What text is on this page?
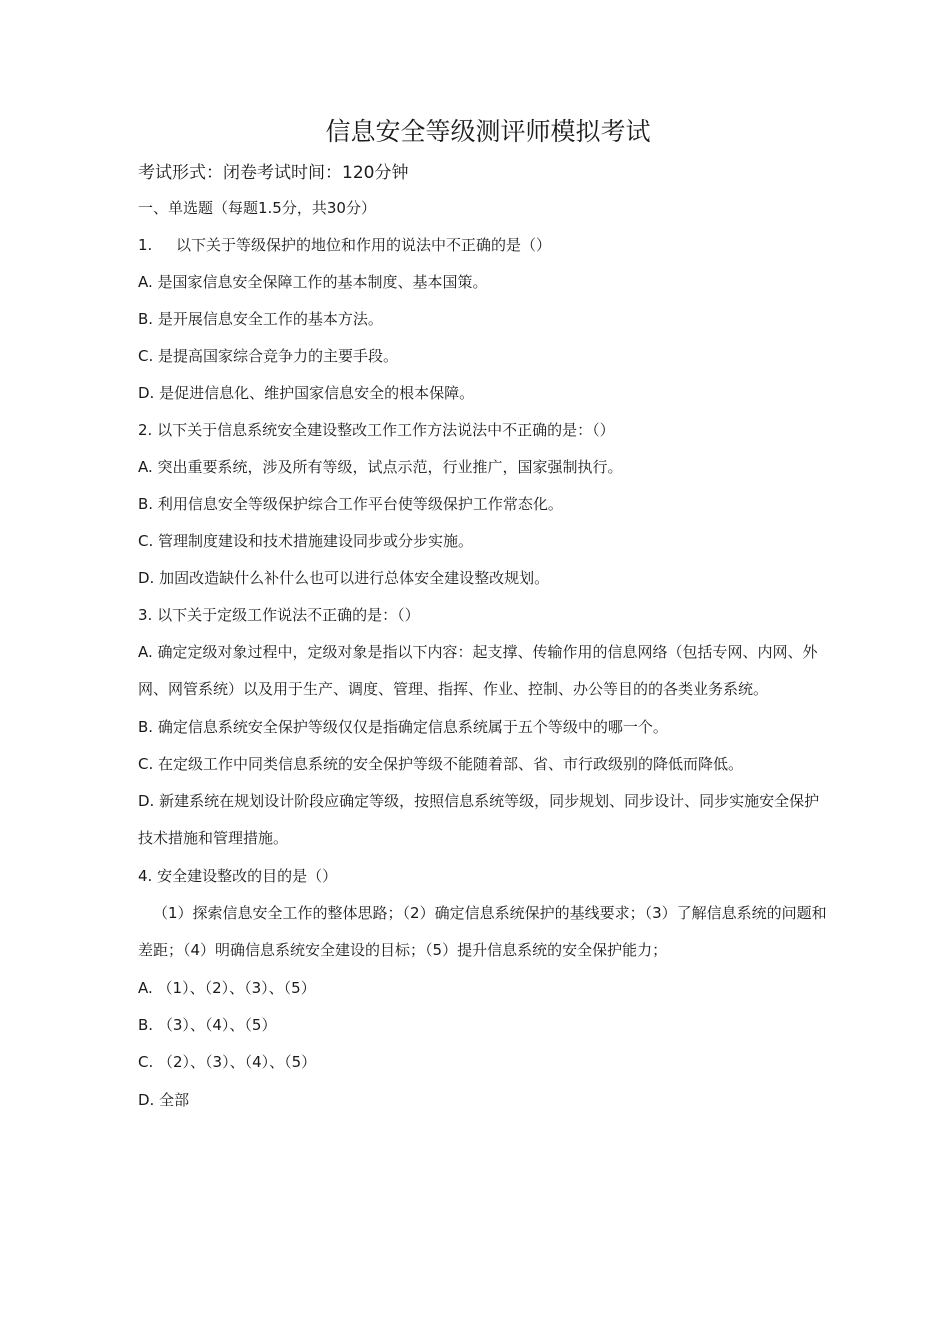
信息安全等级测评师模拟考试
考试形式：闭卷考试时间：120分钟
一、单选题（每题1.5分，共30分）
1. 以下关于等级保护的地位和作用的说法中不正确的是（）
A. 是国家信息安全保障工作的基本制度、基本国策。
B. 是开展信息安全工作的基本方法。
C. 是提高国家综合竞争力的主要手段。
D. 是促进信息化、维护国家信息安全的根本保障。
2. 以下关于信息系统安全建设整改工作工作方法说法中不正确的是：（）
A. 突出重要系统，涉及所有等级，试点示范，行业推广，国家强制执行。
B. 利用信息安全等级保护综合工作平台使等级保护工作常态化。
C. 管理制度建设和技术措施建设同步或分步实施。
D. 加固改造缺什么补什么也可以进行总体安全建设整改规划。
3. 以下关于定级工作说法不正确的是：（）
A. 确定定级对象过程中，定级对象是指以下内容：起支撑、传输作用的信息网络（包括专网、内网、外网、网管系统）以及用于生产、调度、管理、指挥、作业、控制、办公等目的的各类业务系统。
B. 确定信息系统安全保护等级仅仅是指确定信息系统属于五个等级中的哪一个。
C. 在定级工作中同类信息系统的安全保护等级不能随着部、省、市行政级别的降低而降低。
D. 新建系统在规划设计阶段应确定等级，按照信息系统等级，同步规划、同步设计、同步实施安全保护技术措施和管理措施。
4. 安全建设整改的目的是（）
（1）探索信息安全工作的整体思路；（2）确定信息系统保护的基线要求；（3）了解信息系统的问题和差距；（4）明确信息系统安全建设的目标；（5）提升信息系统的安全保护能力；
A. （1）、（2）、（3）、（5）
B. （3）、（4）、（5）
C. （2）、（3）、（4）、（5）
D. 全部
